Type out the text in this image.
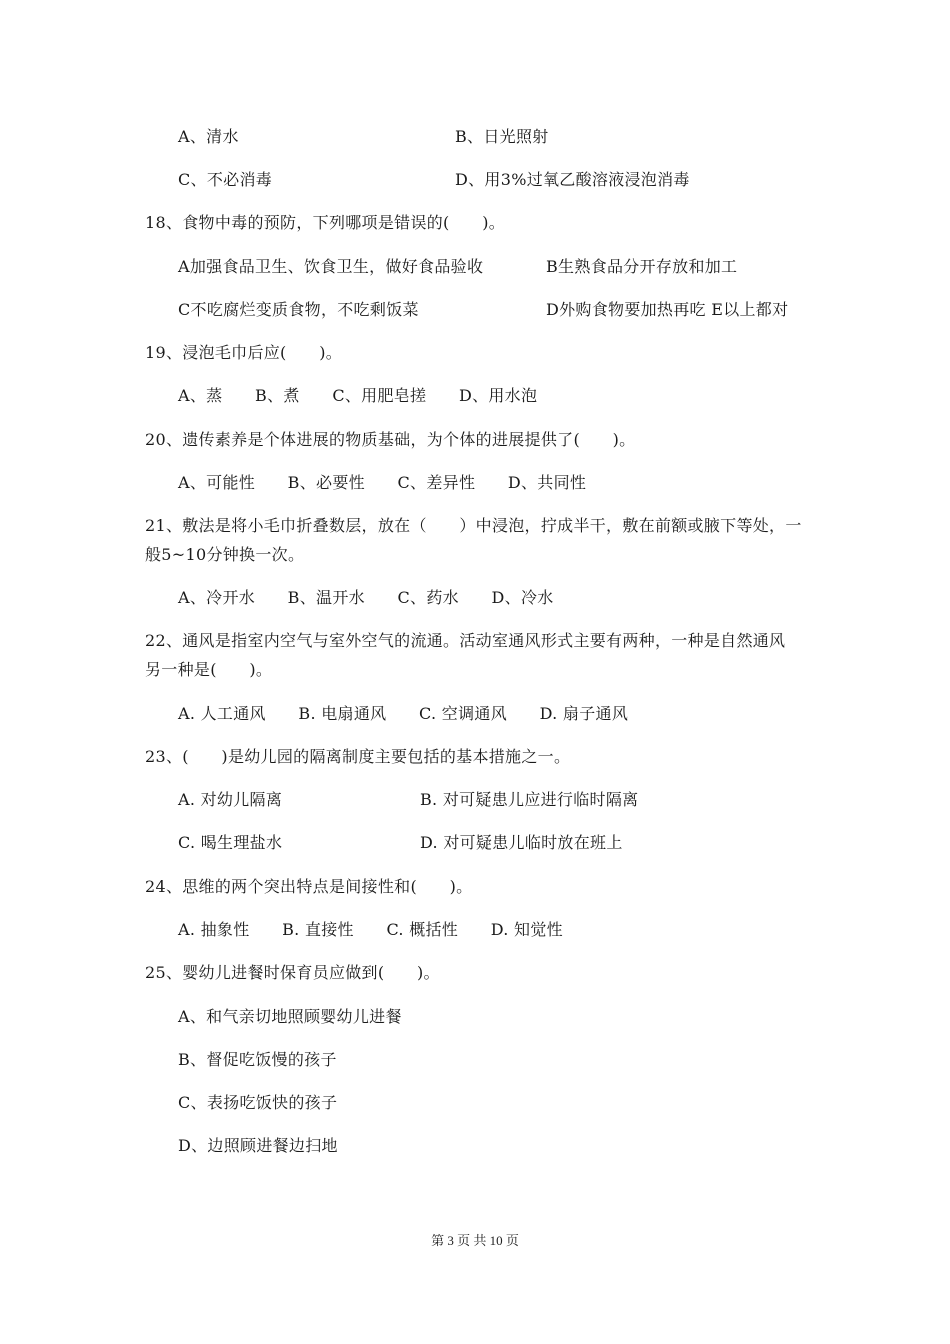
A、清水	B、日光照射
C、不必消毒	D、用3%过氧乙酸溶液浸泡消毒
18、食物中毒的预防，下列哪项是错误的(　　)。
A加强食品卫生、饮食卫生，做好食品验收	B生熟食品分开存放和加工
C不吃腐烂变质食物，不吃剩饭菜	D外购食物要加热再吃 E以上都对
19、浸泡毛巾后应(　　)。
A、蒸　　B、煮　　C、用肥皂搓　　D、用水泡
20、遗传素养是个体进展的物质基础，为个体的进展提供了(　　)。
A、可能性　　B、必要性　　C、差异性　　D、共同性
21、敷法是将小毛巾折叠数层，放在（　　）中浸泡，拧成半干，敷在前额或腋下等处，一
般5~10分钟换一次。
A、冷开水　　B、温开水　　C、药水　　D、冷水
22、通风是指室内空气与室外空气的流通。活动室通风形式主要有两种，一种是自然通风
另一种是(　　)。
A. 人工通风　　B. 电扇通风　　C. 空调通风　　D. 扇子通风
23、(　　)是幼儿园的隔离制度主要包括的基本措施之一。
A. 对幼儿隔离	B. 对可疑患儿应进行临时隔离
C. 喝生理盐水	D. 对可疑患儿临时放在班上
24、思维的两个突出特点是间接性和(　　)。
A. 抽象性　　B. 直接性　　C. 概括性　　D. 知觉性
25、婴幼儿进餐时保育员应做到(　　)。
A、和气亲切地照顾婴幼儿进餐
B、督促吃饭慢的孩子
C、表扬吃饭快的孩子
D、边照顾进餐边扫地
第 3 页 共 10 页
